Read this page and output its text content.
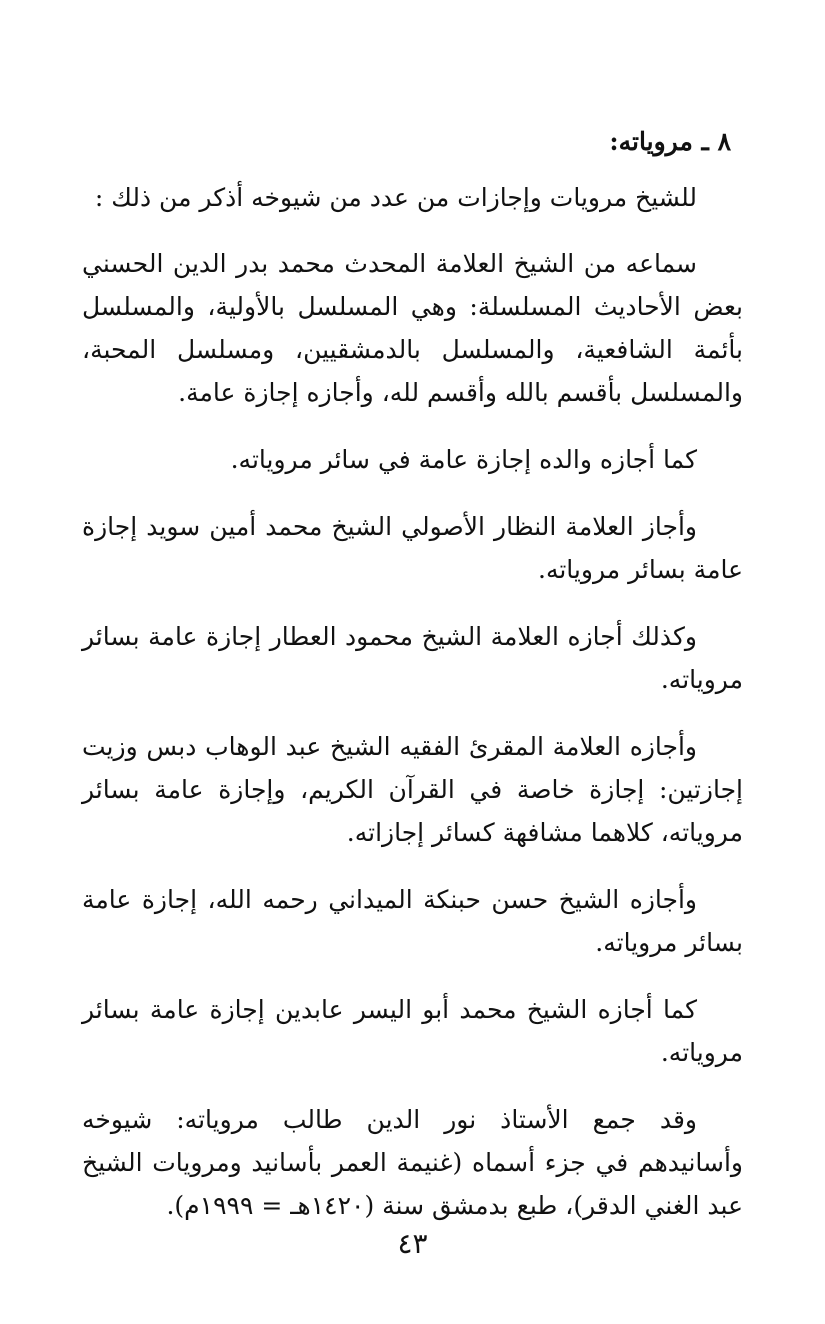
٨ ـ مروياته:

للشيخ مرويات وإجازات من عدد من شيوخه أذكر من ذلك :

سماعه من الشيخ العلامة المحدث محمد بدر الدين الحسني بعض الأحاديث المسلسلة: وهي المسلسل بالأولية، والمسلسل بأئمة الشافعية، والمسلسل بالدمشقيين، ومسلسل المحبة، والمسلسل بأقسم بالله وأقسم لله، وأجازه إجازة عامة.

كما أجازه والده إجازة عامة في سائر مروياته.

وأجاز العلامة النظار الأصولي الشيخ محمد أمين سويد إجازة عامة بسائر مروياته.

وكذلك أجازه العلامة الشيخ محمود العطار إجازة عامة بسائر مروياته.

وأجازه العلامة المقرئ الفقيه الشيخ عبد الوهاب دبس وزيت إجازتين: إجازة خاصة في القرآن الكريم، وإجازة عامة بسائر مروياته، كلاهما مشافهة كسائر إجازاته.

وأجازه الشيخ حسن حبنكة الميداني رحمه الله، إجازة عامة بسائر مروياته.

كما أجازه الشيخ محمد أبو اليسر عابدين إجازة عامة بسائر مروياته.

وقد جمع الأستاذ نور الدين طالب مروياته: شيوخه وأسانيدهم في جزء أسماه (غنيمة العمر بأسانيد ومرويات الشيخ عبد الغني الدقر)، طبع بدمشق سنة (١٤٢٠هـ = ١٩٩٩م).

٤٣
